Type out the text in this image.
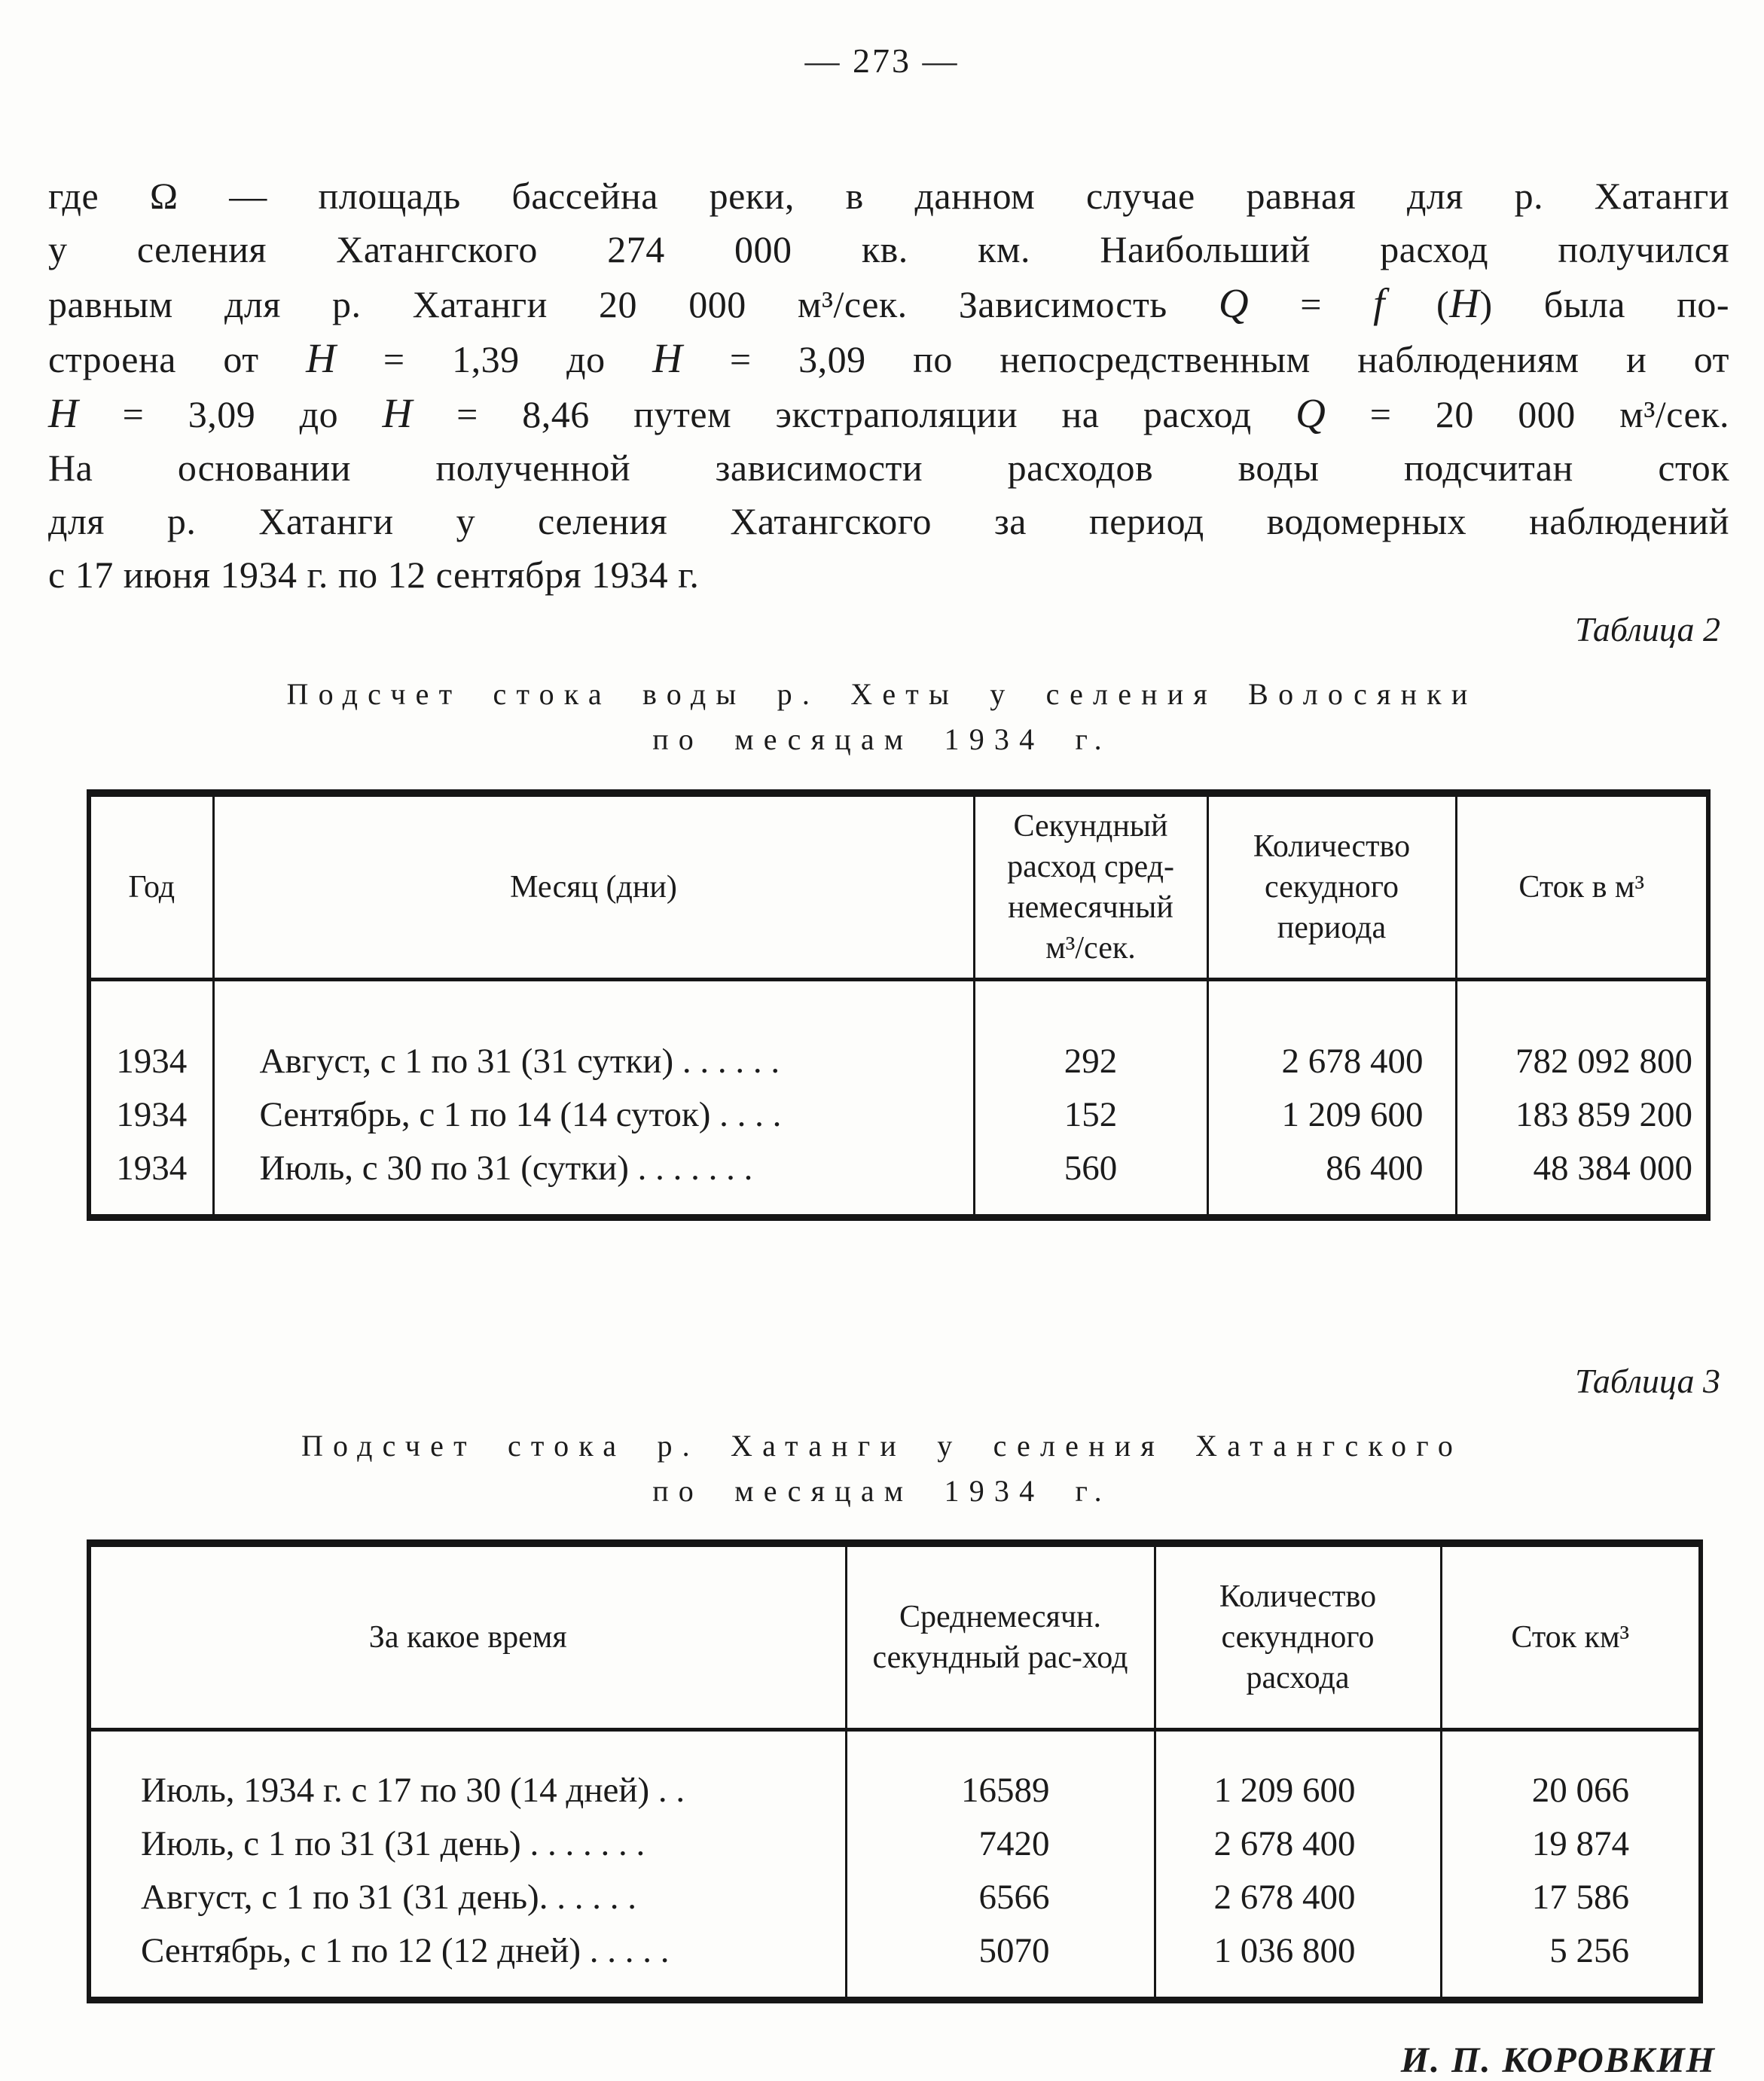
— 273 —
где Ω — площадь бассейна реки, в данном случае равная для р. Хатанги
у селения Хатангского 274 000 кв. км. Наибольший расход получился
равным для р. Хатанги 20 000 м³/сек. Зависимость Q = f (H) была по-
строена от H = 1,39 до H = 3,09 по непосредственным наблюдениям и от
H = 3,09 до H = 8,46 путем экстраполяции на расход Q = 20 000 м³/сек.
На основании полученной зависимости расходов воды подсчитан сток
для р. Хатанги у селения Хатангского за период водомерных наблюдений
с 17 июня 1934 г. по 12 сентября 1934 г.
Таблица 2
Подсчет стока воды р. Хеты у селения Волосянки
по месяцам 1934 г.
Год	Месяц (дни)	Секундный расход сред-немесячный м³/сек.	Количество секудного периода	Сток в м³
1934	Август, с 1 по 31 (31 сутки) . . . . . .	292	2 678 400	782 092 800
1934	Сентябрь, с 1 по 14 (14 суток) . . . .	152	1 209 600	183 859 200
1934	Июль, с 30 по 31 (сутки) . . . . . . .	560	86 400	48 384 000
Таблица 3
Подсчет стока р. Хатанги у селения Хатангского
по месяцам 1934 г.
За какое время	Среднемесячн. секундный рас-ход	Количество секундного расхода	Сток км³
Июль, 1934 г. с 17 по 30 (14 дней) . .	16589	1 209 600	20 066
Июль, с 1 по 31 (31 день) . . . . . . .	7420	2 678 400	19 874
Август, с 1 по 31 (31 день). . . . . .	6566	2 678 400	17 586
Сентябрь, с 1 по 12 (12 дней) . . . . .	5070	1 036 800	5 256
И. П. КОРОВКИН
